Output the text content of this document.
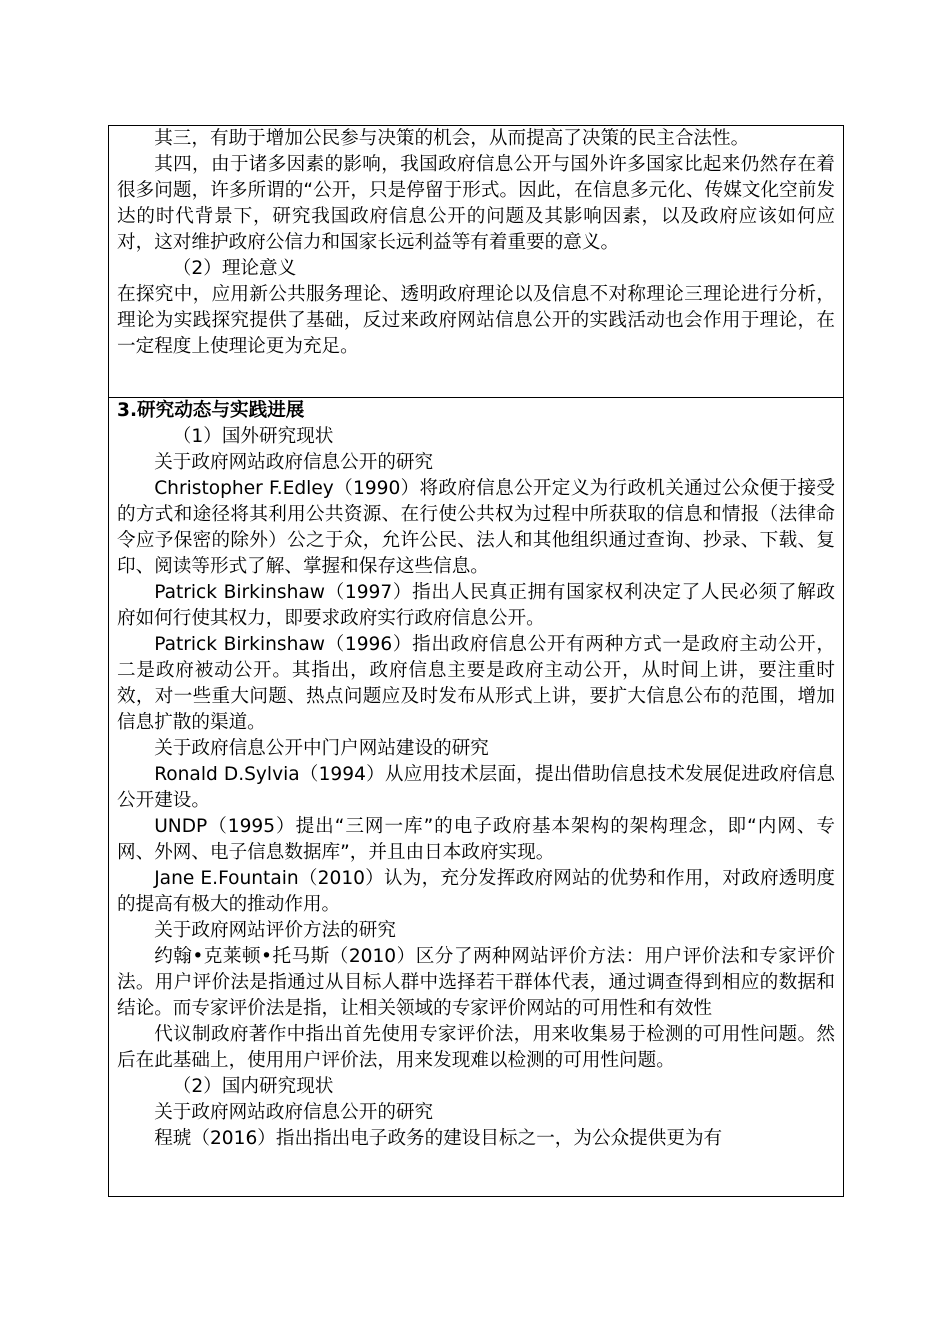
其三，有助于增加公民参与决策的机会，从而提高了决策的民主合法性。

其四，由于诸多因素的影响，我国政府信息公开与国外许多国家比起来仍然存在着很多问题，许多所谓的“公开，只是停留于形式。因此，在信息多元化、传媒文化空前发达的时代背景下，研究我国政府信息公开的问题及其影响因素，以及政府应该如何应对，这对维护政府公信力和国家长远利益等有着重要的意义。

（2）理论意义

在探究中，应用新公共服务理论、透明政府理论以及信息不对称理论三理论进行分析，理论为实践探究提供了基础，反过来政府网站信息公开的实践活动也会作用于理论，在一定程度上使理论更为充足。

3.研究动态与实践进展

（1）国外研究现状

关于政府网站政府信息公开的研究

Christopher F.Edley（1990）将政府信息公开定义为行政机关通过公众便于接受的方式和途径将其利用公共资源、在行使公共权为过程中所获取的信息和情报（法律命令应予保密的除外）公之于众，允许公民、法人和其他组织通过查询、抄录、下载、复印、阅读等形式了解、掌握和保存这些信息。

Patrick Birkinshaw（1997）指出人民真正拥有国家权利决定了人民必须了解政府如何行使其权力，即要求政府实行政府信息公开。

Patrick Birkinshaw（1996）指出政府信息公开有两种方式一是政府主动公开，二是政府被动公开。其指出，政府信息主要是政府主动公开，从时间上讲，要注重时效，对一些重大问题、热点问题应及时发布从形式上讲，要扩大信息公布的范围，增加信息扩散的渠道。

关于政府信息公开中门户网站建设的研究

Ronald D.Sylvia（1994）从应用技术层面，提出借助信息技术发展促进政府信息公开建设。

UNDP（1995）提出“三网一库”的电子政府基本架构的架构理念，即“内网、专网、外网、电子信息数据库”，并且由日本政府实现。

Jane E.Fountain（2010）认为，充分发挥政府网站的优势和作用，对政府透明度的提高有极大的推动作用。

关于政府网站评价方法的研究

约翰•克莱顿•托马斯（2010）区分了两种网站评价方法：用户评价法和专家评价法。用户评价法是指通过从目标人群中选择若干群体代表，通过调查得到相应的数据和结论。而专家评价法是指，让相关领域的专家评价网站的可用性和有效性

代议制政府著作中指出首先使用专家评价法，用来收集易于检测的可用性问题。然后在此基础上，使用用户评价法，用来发现难以检测的可用性问题。

（2）国内研究现状

关于政府网站政府信息公开的研究

程琥（2016）指出指出电子政务的建设目标之一，为公众提供更为有
